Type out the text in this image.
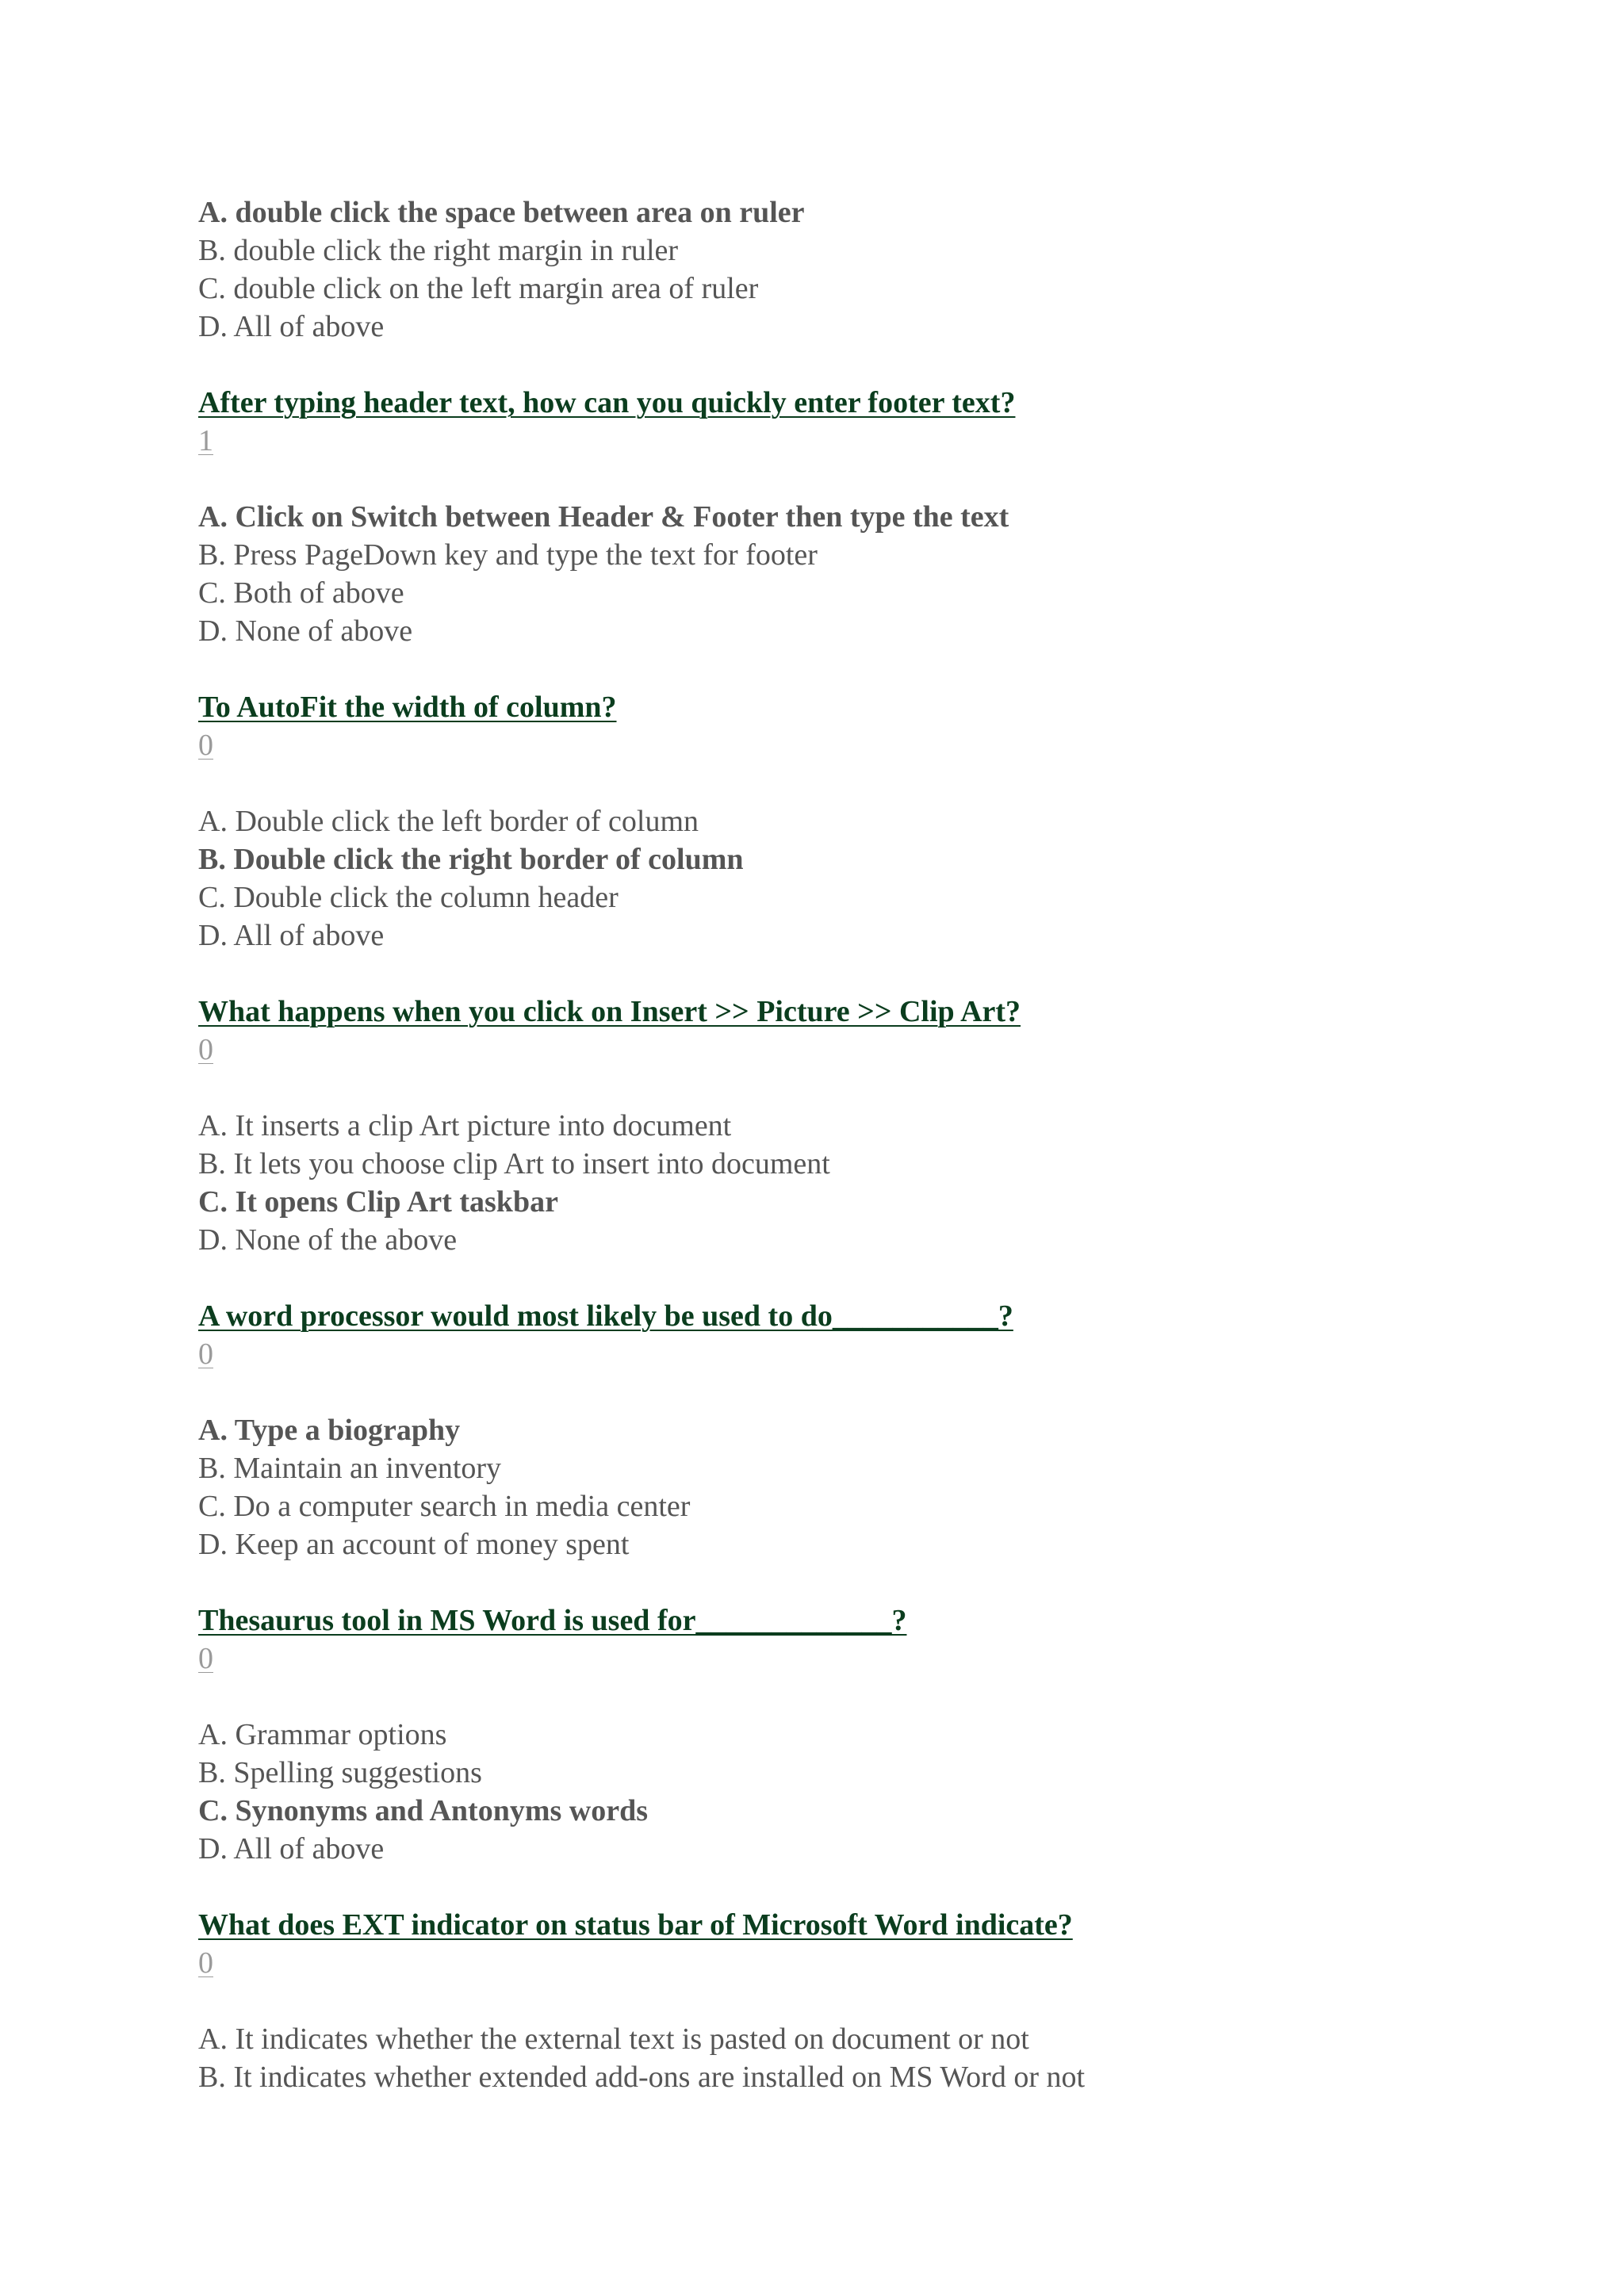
A. double click the space between area on ruler
B. double click the right margin in ruler
C. double click on the left margin area of ruler
D. All of above
After typing header text, how can you quickly enter footer text?
1
A. Click on Switch between Header & Footer then type the text
B. Press PageDown key and type the text for footer
C. Both of above
D. None of above
To AutoFit the width of column?
0
A. Double click the left border of column
B. Double click the right border of column
C. Double click the column header
D. All of above
What happens when you click on Insert >> Picture >> Clip Art?
0
A. It inserts a clip Art picture into document
B. It lets you choose clip Art to insert into document
C. It opens Clip Art taskbar
D. None of the above
A word processor would most likely be used to do___________?
0
A. Type a biography
B. Maintain an inventory
C. Do a computer search in media center
D. Keep an account of money spent
Thesaurus tool in MS Word is used for_____________?
0
A. Grammar options
B. Spelling suggestions
C. Synonyms and Antonyms words
D. All of above
What does EXT indicator on status bar of Microsoft Word indicate?
0
A. It indicates whether the external text is pasted on document or not
B. It indicates whether extended add-ons are installed on MS Word or not
